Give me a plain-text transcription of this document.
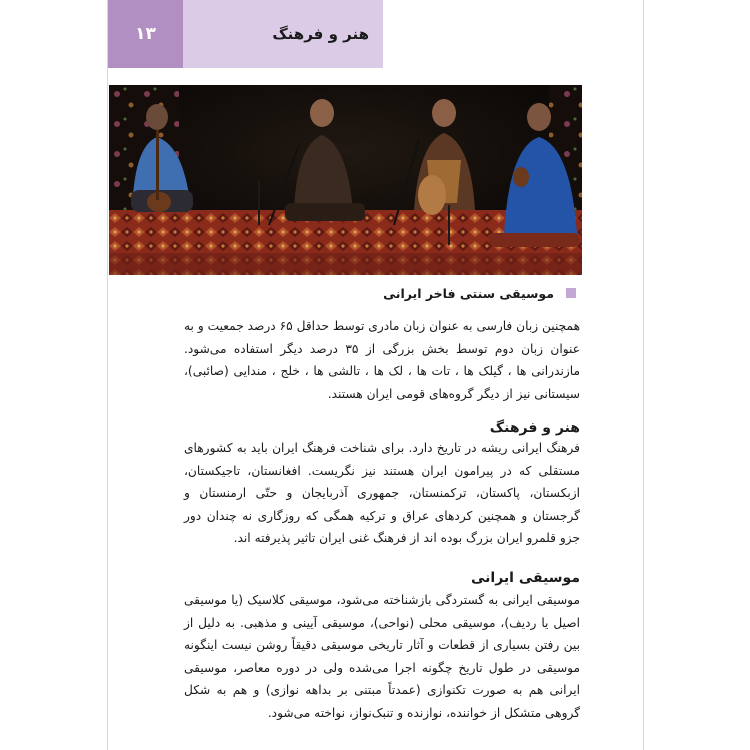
۱۳	هنر و فرهنگ
موسیقی سنتی فاخر ایرانی

همچنین زبان فارسی به عنوان زبان مادری توسط حداقل ۶۵ درصد جمعیت و به عنوان زبان دوم توسط بخش بزرگی از ۳۵ درصد دیگر استفاده می‌شود. مازندرانی ها ، گیلک ها ، تات ها ، لک ها ، تالشی ها ، خلج ، مندایی (صائبی)، سیستانی نیز از دیگر گروه‌های قومی ایران هستند.

هنر و فرهنگ

فرهنگ ایرانی ریشه در تاریخ دارد. برای شناخت فرهنگ ایران باید به کشورهای مستقلی که در پیرامون ایران هستند نیز نگریست. افغانستان، تاجیکستان، ازبکستان، پاکستان، ترکمنستان، جمهوری آذربایجان و حتّی ارمنستان و گرجستان و همچنین کردهای عراق و ترکیه همگی که روزگاری نه چندان دور جزو قلمرو ایران بزرگ بوده اند از فرهنگ غنی ایران تاثیر پذیرفته اند.

موسیقی ایرانی

موسیقی ایرانی به گستردگی بازشناخته می‌شود، موسیقی کلاسیک (یا موسیقی اصیل یا ردیف)، موسیقی محلی (نواحی)، موسیقی آیینی و مذهبی. به دلیل از بین رفتن بسیاری از قطعات و آثار تاریخی موسیقی دقیقاً روشن نیست اینگونه موسیقی در طول تاریخ چگونه اجرا می‌شده ولی در دوره معاصر، موسیقی ایرانی هم به صورت تکنوازی (عمدتاً مبتنی بر بداهه نوازی) و هم به شکل گروهی متشکل از خواننده، نوازنده و تنبک‌نواز، نواخته می‌شود.
